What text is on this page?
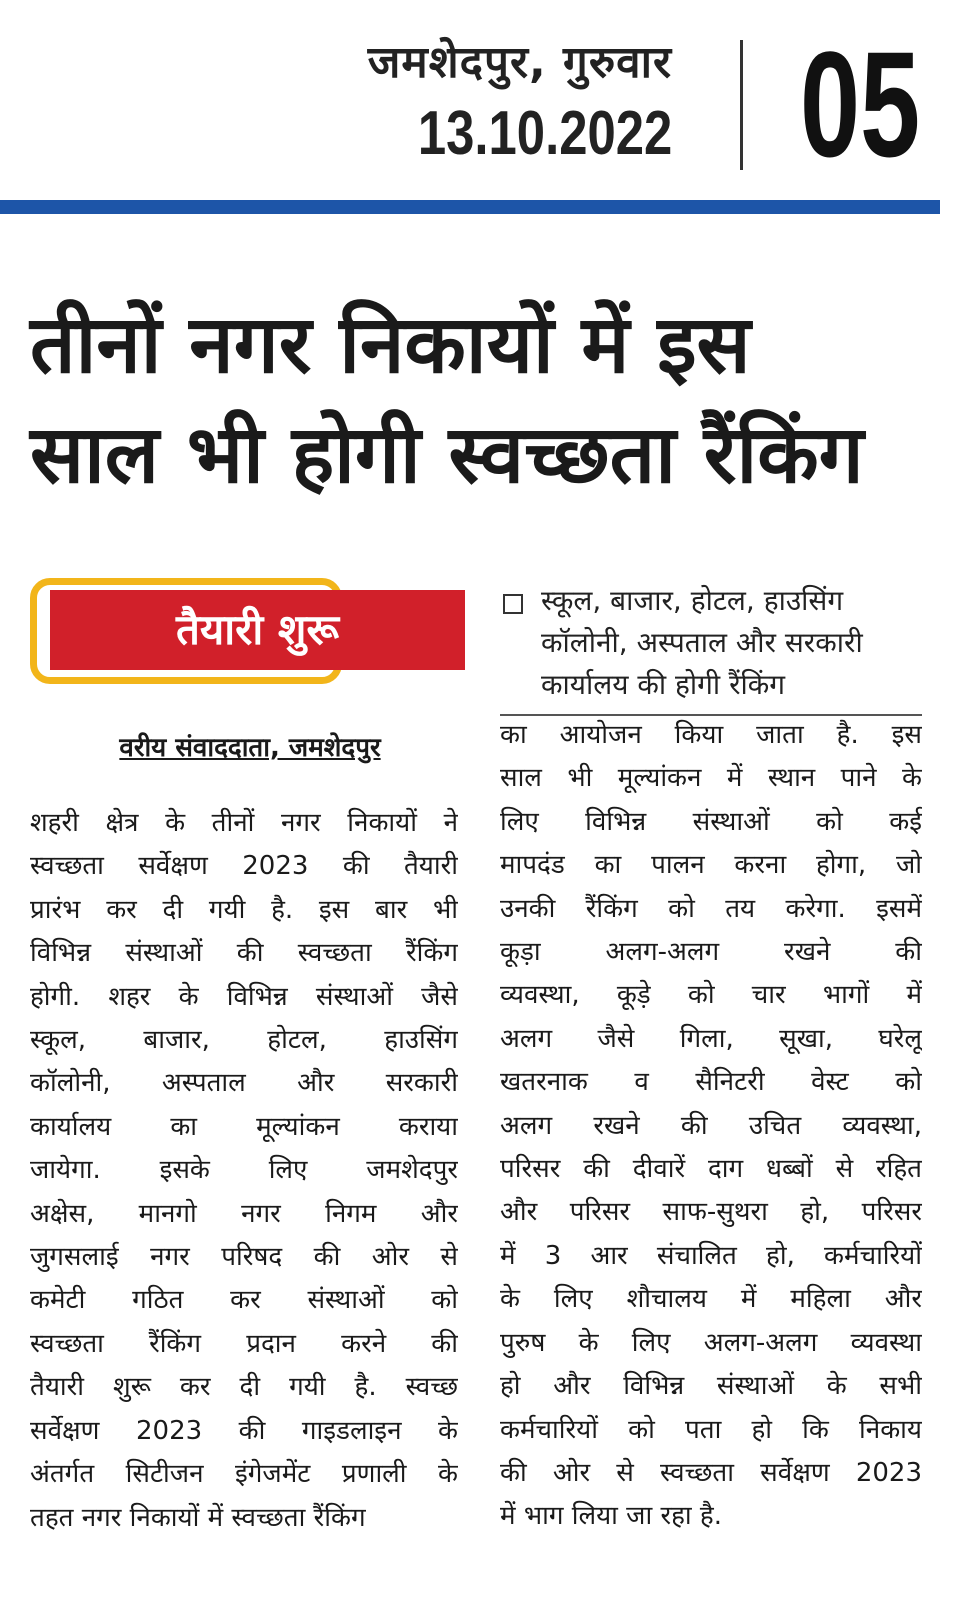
जमशेदपुर, गुरुवार
13.10.2022 05
तीनों नगर निकायों में इस
साल भी होगी स्वच्छता रैंकिंग
तैयारी शुरू
वरीय संवाददाता, जमशेदपुर
स्कूल, बाजार, होटल, हाउसिंग
कॉलोनी, अस्पताल और सरकारी
कार्यालय की होगी रैंकिंग
शहरी क्षेत्र के तीनों नगर निकायों ने
स्वच्छता सर्वेक्षण 2023 की तैयारी
प्रारंभ कर दी गयी है. इस बार भी
विभिन्न संस्थाओं की स्वच्छता रैंकिंग
होगी. शहर के विभिन्न संस्थाओं जैसे
स्कूल, बाजार, होटल, हाउसिंग
कॉलोनी, अस्पताल और सरकारी
कार्यालय का मूल्यांकन कराया
जायेगा. इसके लिए जमशेदपुर
अक्षेस, मानगो नगर निगम और
जुगसलाई नगर परिषद की ओर से
कमेटी गठित कर संस्थाओं को
स्वच्छता रैंकिंग प्रदान करने की
तैयारी शुरू कर दी गयी है. स्वच्छ
सर्वेक्षण 2023 की गाइडलाइन के
अंतर्गत सिटीजन इंगेजमेंट प्रणाली के
तहत नगर निकायों में स्वच्छता रैंकिंग
का आयोजन किया जाता है. इस
साल भी मूल्यांकन में स्थान पाने के
लिए विभिन्न संस्थाओं को कई
मापदंड का पालन करना होगा, जो
उनकी रैंकिंग को तय करेगा. इसमें
कूड़ा अलग-अलग रखने की
व्यवस्था, कूड़े को चार भागों में
अलग जैसे गिला, सूखा, घरेलू
खतरनाक व सैनिटरी वेस्ट को
अलग रखने की उचित व्यवस्था,
परिसर की दीवारें दाग धब्बों से रहित
और परिसर साफ-सुथरा हो, परिसर
में 3 आर संचालित हो, कर्मचारियों
के लिए शौचालय में महिला और
पुरुष के लिए अलग-अलग व्यवस्था
हो और विभिन्न संस्थाओं के सभी
कर्मचारियों को पता हो कि निकाय
की ओर से स्वच्छता सर्वेक्षण 2023
में भाग लिया जा रहा है.
